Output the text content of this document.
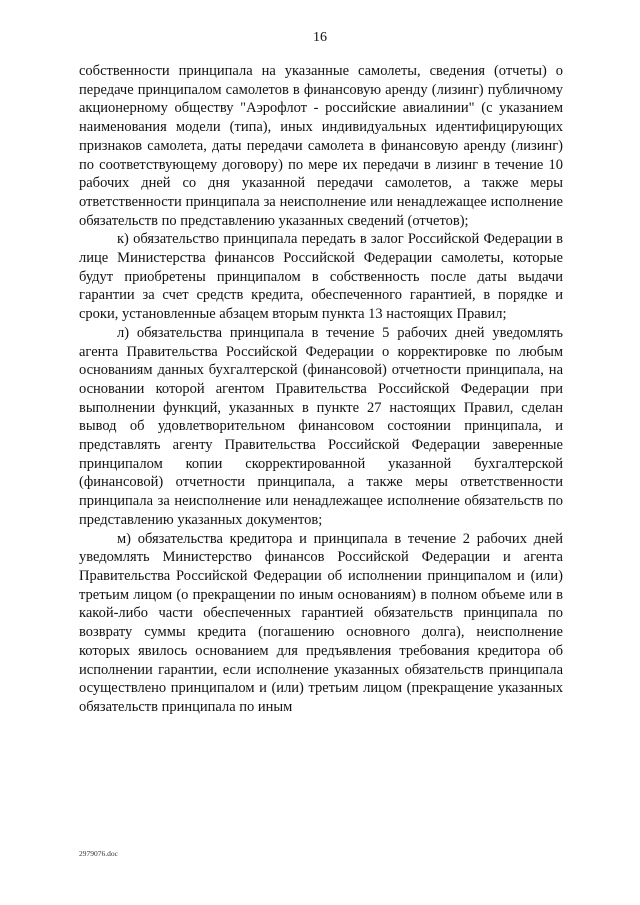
16

собственности принципала на указанные самолеты, сведения (отчеты) о передаче принципалом самолетов в финансовую аренду (лизинг) публичному акционерному обществу "Аэрофлот - российские авиалинии" (с указанием наименования модели (типа), иных индивидуальных идентифицирующих признаков самолета, даты передачи самолета в финансовую аренду (лизинг) по соответствующему договору) по мере их передачи в лизинг в течение 10 рабочих дней со дня указанной передачи самолетов, а также меры ответственности принципала за неисполнение или ненадлежащее исполнение обязательств по представлению указанных сведений (отчетов);

к) обязательство принципала передать в залог Российской Федерации в лице Министерства финансов Российской Федерации самолеты, которые будут приобретены принципалом в собственность после даты выдачи гарантии за счет средств кредита, обеспеченного гарантией, в порядке и сроки, установленные абзацем вторым пункта 13 настоящих Правил;

л) обязательства принципала в течение 5 рабочих дней уведомлять агента Правительства Российской Федерации о корректировке по любым основаниям данных бухгалтерской (финансовой) отчетности принципала, на основании которой агентом Правительства Российской Федерации при выполнении функций, указанных в пункте 27 настоящих Правил, сделан вывод об удовлетворительном финансовом состоянии принципала, и представлять агенту Правительства Российской Федерации заверенные принципалом копии скорректированной указанной бухгалтерской (финансовой) отчетности принципала, а также меры ответственности принципала за неисполнение или ненадлежащее исполнение обязательств по представлению указанных документов;

м) обязательства кредитора и принципала в течение 2 рабочих дней уведомлять Министерство финансов Российской Федерации и агента Правительства Российской Федерации об исполнении принципалом и (или) третьим лицом (о прекращении по иным основаниям) в полном объеме или в какой-либо части обеспеченных гарантией обязательств принципала по возврату суммы кредита (погашению основного долга), неисполнение которых явилось основанием для предъявления требования кредитора об исполнении гарантии, если исполнение указанных обязательств принципала осуществлено принципалом и (или) третьим лицом (прекращение указанных обязательств принципала по иным

2979076.doc
